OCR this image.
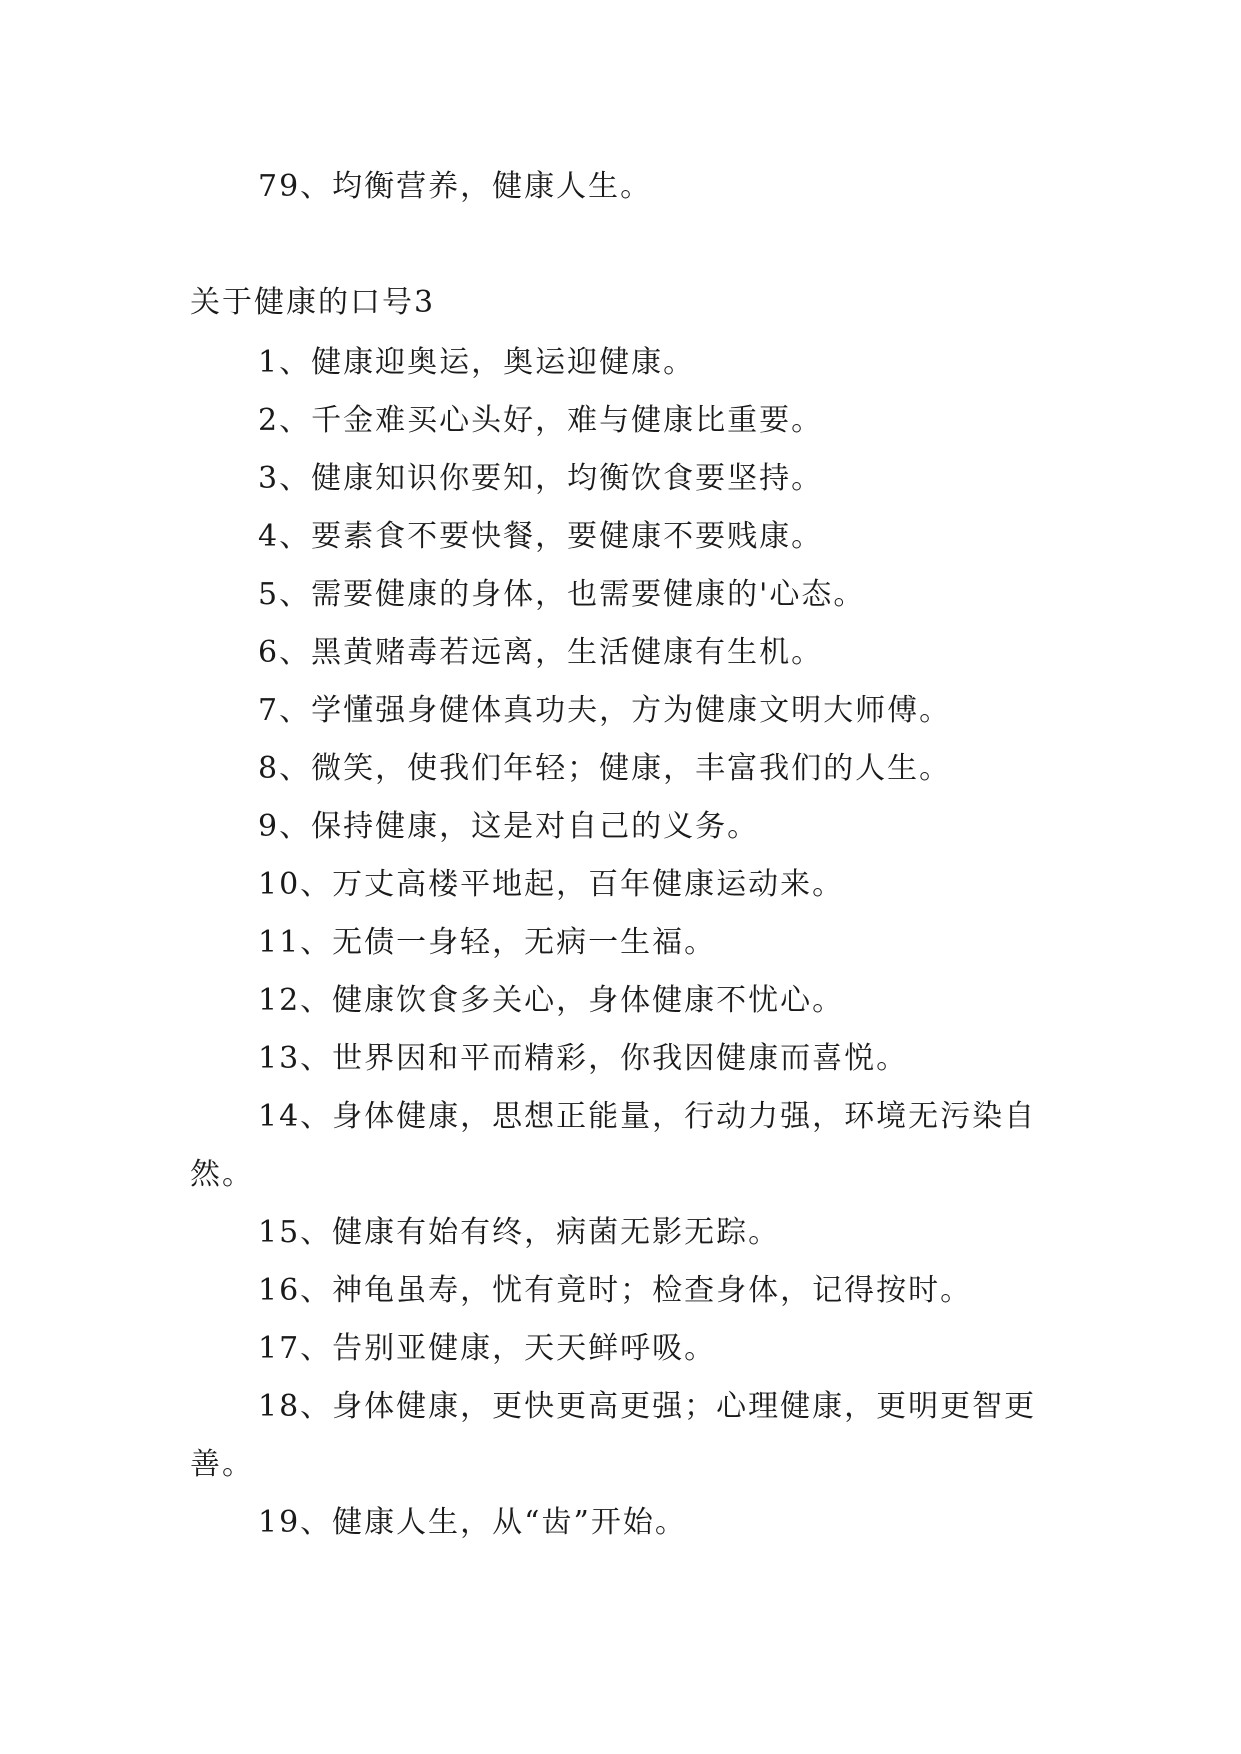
79、均衡营养，健康人生。

关于健康的口号3

1、健康迎奥运，奥运迎健康。

2、千金难买心头好，难与健康比重要。

3、健康知识你要知，均衡饮食要坚持。

4、要素食不要快餐，要健康不要贱康。

5、需要健康的身体，也需要健康的'心态。

6、黑黄赌毒若远离，生活健康有生机。

7、学懂强身健体真功夫，方为健康文明大师傅。

8、微笑，使我们年轻；健康，丰富我们的人生。

9、保持健康，这是对自己的义务。

10、万丈高楼平地起，百年健康运动来。

11、无债一身轻，无病一生福。

12、健康饮食多关心，身体健康不忧心。

13、世界因和平而精彩，你我因健康而喜悦。

14、身体健康，思想正能量，行动力强，环境无污染自然。

15、健康有始有终，病菌无影无踪。

16、神龟虽寿，忧有竟时；检查身体，记得按时。

17、告别亚健康，天天鲜呼吸。

18、身体健康，更快更高更强；心理健康，更明更智更善。

19、健康人生，从“齿”开始。
